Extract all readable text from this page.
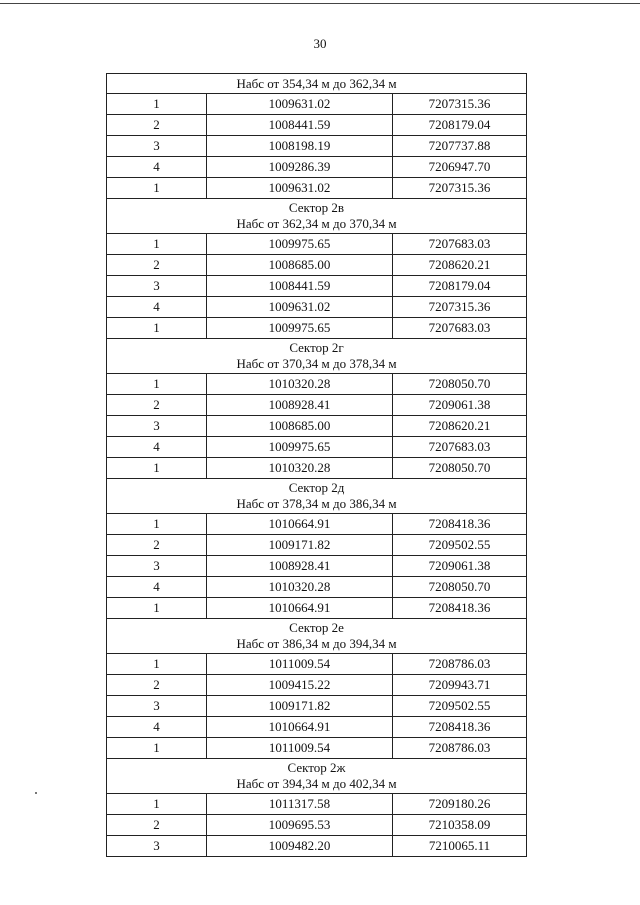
30
Набс от 354,34 м до 362,34 м		

1	1009631.02	7207315.36
2	1008441.59	7208179.04
3	1008198.19	7207737.88
4	1009286.39	7206947.70
1	1009631.02	7207315.36

Сектор 2в
Набс от 362,34 м до 370,34 м		

1	1009975.65	7207683.03
2	1008685.00	7208620.21
3	1008441.59	7208179.04
4	1009631.02	7207315.36
1	1009975.65	7207683.03

Сектор 2г
Набс от 370,34 м до 378,34 м		

1	1010320.28	7208050.70
2	1008928.41	7209061.38
3	1008685.00	7208620.21
4	1009975.65	7207683.03
1	1010320.28	7208050.70

Сектор 2д
Набс от 378,34 м до 386,34 м		

1	1010664.91	7208418.36
2	1009171.82	7209502.55
3	1008928.41	7209061.38
4	1010320.28	7208050.70
1	1010664.91	7208418.36

Сектор 2е
Набс от 386,34 м до 394,34 м		

1	1011009.54	7208786.03
2	1009415.22	7209943.71
3	1009171.82	7209502.55
4	1010664.91	7208418.36
1	1011009.54	7208786.03

Сектор 2ж
Набс от 394,34 м до 402,34 м		

1	1011317.58	7209180.26
2	1009695.53	7210358.09
3	1009482.20	7210065.11
